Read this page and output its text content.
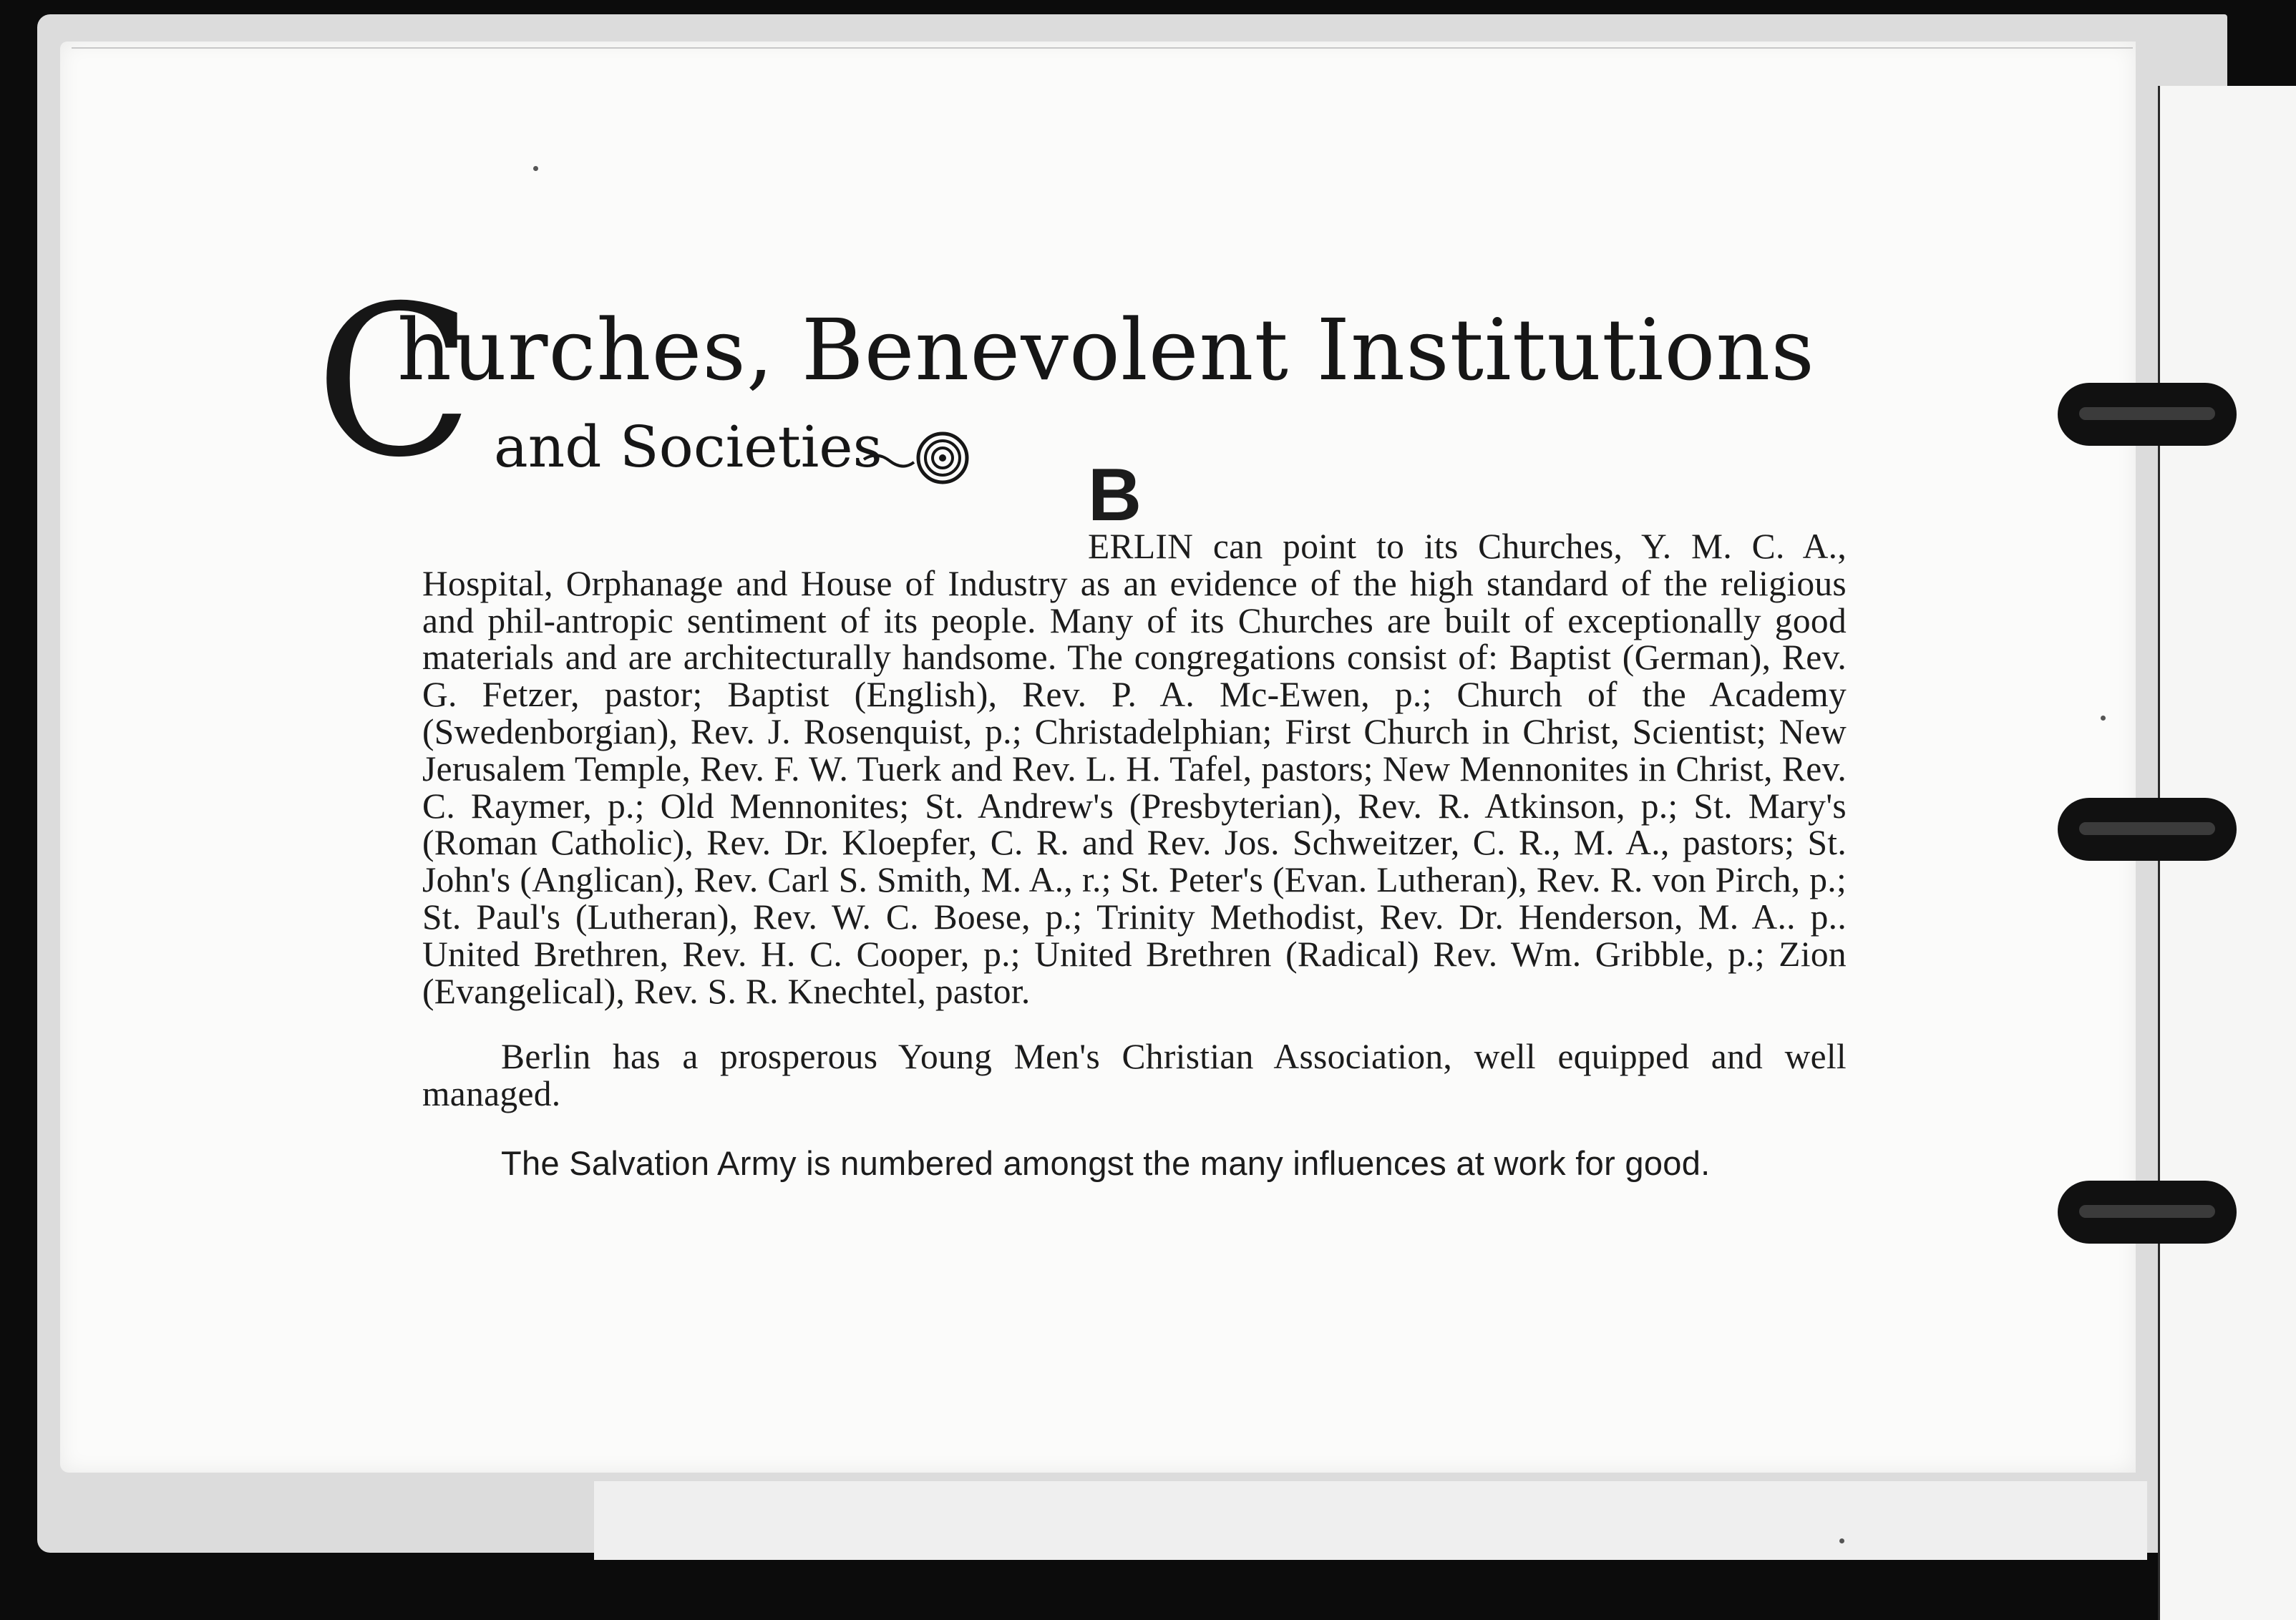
C
hurches, Benevolent Institutions
and Societies

B
ERLIN can point to its Churches, Y. M. C. A., Hospital, Orphanage and House of Industry as an evidence of the high standard of the religious and phil-antropic sentiment of its people. Many of its Churches are built of exceptionally good materials and are architecturally handsome. The congregations consist of: Baptist (German), Rev. G. Fetzer, pastor; Baptist (English), Rev. P. A. Mc-Ewen, p.; Church of the Academy (Swedenborgian), Rev. J. Rosenquist, p.; Christadelphian; First Church in Christ, Scientist; New Jerusalem Temple, Rev. F. W. Tuerk and Rev. L. H. Tafel, pastors; New Mennonites in Christ, Rev. C. Raymer, p.; Old Mennonites; St. Andrew's (Presbyterian), Rev. R. Atkinson, p.; St. Mary's (Roman Catholic), Rev. Dr. Kloepfer, C. R. and Rev. Jos. Schweitzer, C. R., M. A., pastors; St. John's (Anglican), Rev. Carl S. Smith, M. A., r.; St. Peter's (Evan. Lutheran), Rev. R. von Pirch, p.; St. Paul's (Lutheran), Rev. W. C. Boese, p.; Trinity Methodist, Rev. Dr. Henderson, M. A.. p.. United Brethren, Rev. H. C. Cooper, p.; United Brethren (Radical) Rev. Wm. Gribble, p.; Zion (Evangelical), Rev. S. R. Knechtel, pastor.

Berlin has a prosperous Young Men's Christian Association, well equipped and well managed.

The Salvation Army is numbered amongst the many influences at work for good.
